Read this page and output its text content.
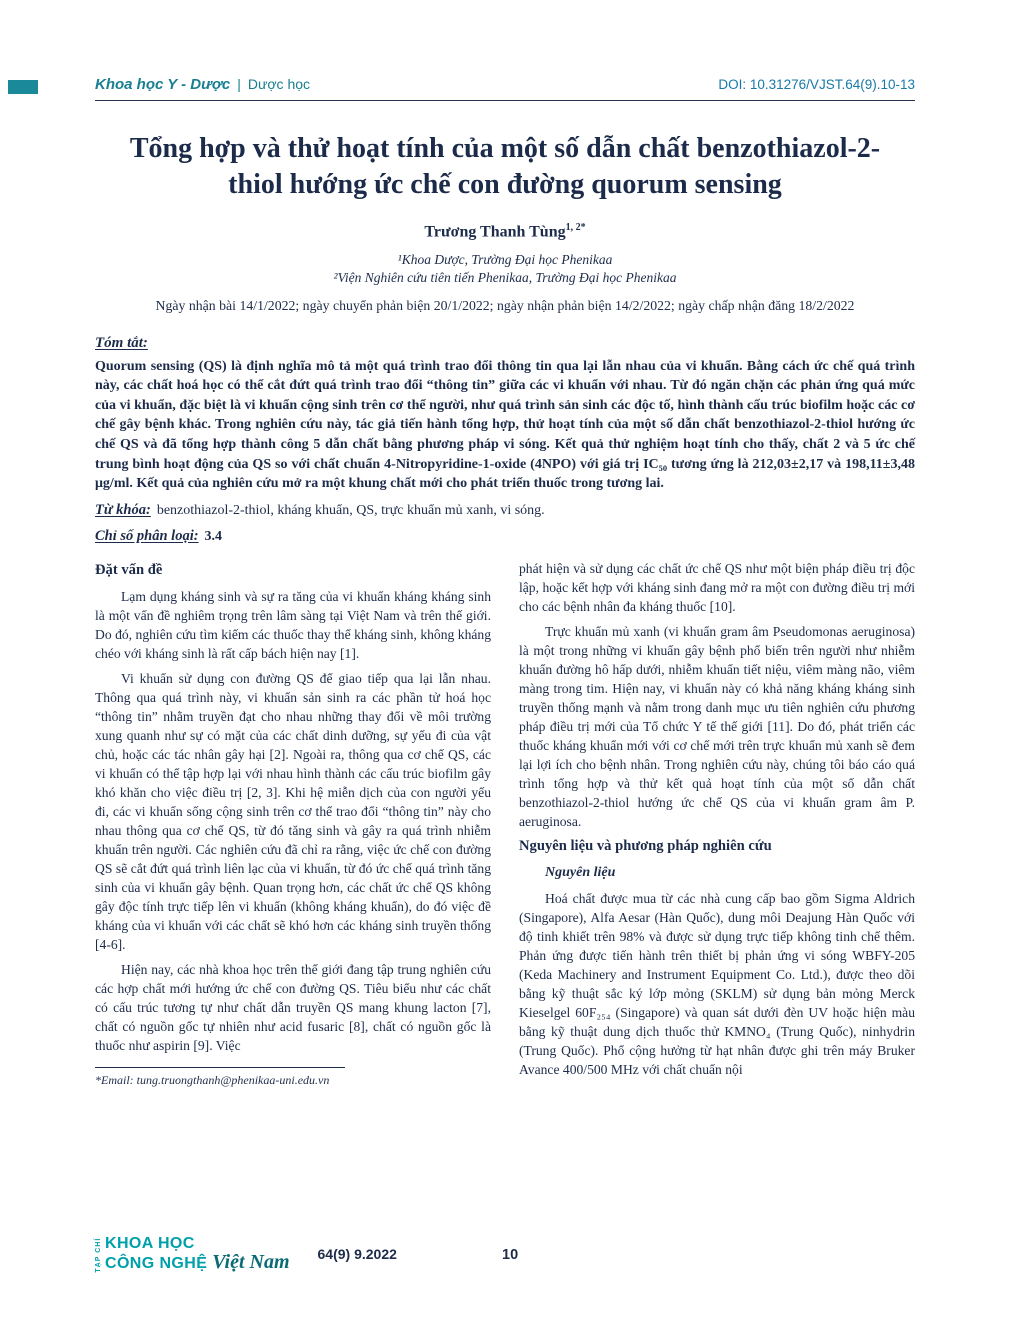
Khoa học Y - Dược | Dược học	DOI: 10.31276/VJST.64(9).10-13
Tổng hợp và thử hoạt tính của một số dẫn chất benzothiazol-2-thiol hướng ức chế con đường quorum sensing
Trương Thanh Tùng$^{1, 2*}$
¹Khoa Dược, Trường Đại học Phenikaa
²Viện Nghiên cứu tiên tiến Phenikaa, Trường Đại học Phenikaa
Ngày nhận bài 14/1/2022; ngày chuyển phản biện 20/1/2022; ngày nhận phản biện 14/2/2022; ngày chấp nhận đăng 18/2/2022
Tóm tắt:

Quorum sensing (QS) là định nghĩa mô tả một quá trình trao đổi thông tin qua lại lẫn nhau của vi khuẩn. Bằng cách ức chế quá trình này, các chất hoá học có thể cắt đứt quá trình trao đổi “thông tin” giữa các vi khuẩn với nhau. Từ đó ngăn chặn các phản ứng quá mức của vi khuẩn, đặc biệt là vi khuẩn cộng sinh trên cơ thể người, như quá trình sản sinh các độc tố, hình thành cấu trúc biofilm hoặc các cơ chế gây bệnh khác. Trong nghiên cứu này, tác giả tiến hành tổng hợp, thử hoạt tính của một số dẫn chất benzothiazol-2-thiol hướng ức chế QS và đã tổng hợp thành công 5 dẫn chất bằng phương pháp vi sóng. Kết quả thử nghiệm hoạt tính cho thấy, chất 2 và 5 ức chế trung bình hoạt động của QS so với chất chuẩn 4-Nitropyridine-1-oxide (4NPO) với giá trị IC₅₀ tương ứng là 212,03±2,17 và 198,11±3,48 μg/ml. Kết quả của nghiên cứu mở ra một khung chất mới cho phát triển thuốc trong tương lai.

Từ khóa: benzothiazol-2-thiol, kháng khuẩn, QS, trực khuẩn mủ xanh, vi sóng.

Chỉ số phân loại: 3.4

Đặt vấn đề

Lạm dụng kháng sinh và sự ra tăng của vi khuẩn kháng kháng sinh là một vấn đề nghiêm trọng trên lâm sàng tại Việt Nam và trên thế giới. Do đó, nghiên cứu tìm kiếm các thuốc thay thế kháng sinh, không kháng chéo với kháng sinh là rất cấp bách hiện nay [1].

Vi khuẩn sử dụng con đường QS để giao tiếp qua lại lẫn nhau. Thông qua quá trình này, vi khuẩn sản sinh ra các phần tử hoá học “thông tin” nhằm truyền đạt cho nhau những thay đổi về môi trường xung quanh như sự có mặt của các chất dinh dưỡng, sự yếu đi của vật chủ, hoặc các tác nhân gây hại [2]. Ngoài ra, thông qua cơ chế QS, các vi khuẩn có thể tập hợp lại với nhau hình thành các cấu trúc biofilm gây khó khăn cho việc điều trị [2, 3]. Khi hệ miễn dịch của con người yếu đi, các vi khuẩn sống cộng sinh trên cơ thể trao đổi “thông tin” này cho nhau thông qua cơ chế QS, từ đó tăng sinh và gây ra quá trình nhiễm khuẩn trên người. Các nghiên cứu đã chỉ ra rằng, việc ức chế con đường QS sẽ cắt đứt quá trình liên lạc của vi khuẩn, từ đó ức chế quá trình tăng sinh của vi khuẩn gây bệnh. Quan trọng hơn, các chất ức chế QS không gây độc tính trực tiếp lên vi khuẩn (không kháng khuẩn), do đó việc đề kháng của vi khuẩn với các chất sẽ khó hơn các kháng sinh truyền thống [4-6].

Hiện nay, các nhà khoa học trên thế giới đang tập trung nghiên cứu các hợp chất mới hướng ức chế con đường QS. Tiêu biểu như các chất có cấu trúc tương tự như chất dẫn truyền QS mang khung lacton [7], chất có nguồn gốc tự nhiên như acid fusaric [8], chất có nguồn gốc là thuốc như aspirin [9]. Việc

*Email: tung.truongthanh@phenikaa-uni.edu.vn

phát hiện và sử dụng các chất ức chế QS như một biện pháp điều trị độc lập, hoặc kết hợp với kháng sinh đang mở ra một con đường điều trị mới cho các bệnh nhân đa kháng thuốc [10].

Trực khuẩn mủ xanh (vi khuẩn gram âm Pseudomonas aeruginosa) là một trong những vi khuẩn gây bệnh phổ biến trên người như nhiễm khuẩn đường hô hấp dưới, nhiễm khuẩn tiết niệu, viêm màng não, viêm màng trong tim. Hiện nay, vi khuẩn này có khả năng kháng kháng sinh truyền thống mạnh và nằm trong danh mục ưu tiên nghiên cứu phương pháp điều trị mới của Tổ chức Y tế thế giới [11]. Do đó, phát triển các thuốc kháng khuẩn mới với cơ chế mới trên trực khuẩn mủ xanh sẽ đem lại lợi ích cho bệnh nhân. Trong nghiên cứu này, chúng tôi báo cáo quá trình tổng hợp và thử kết quả hoạt tính của một số dẫn chất benzothiazol-2-thiol hướng ức chế QS của vi khuẩn gram âm P. aeruginosa.

Nguyên liệu và phương pháp nghiên cứu
Nguyên liệu

Hoá chất được mua từ các nhà cung cấp bao gồm Sigma Aldrich (Singapore), Alfa Aesar (Hàn Quốc), dung môi Deajung Hàn Quốc với độ tinh khiết trên 98% và được sử dụng trực tiếp không tinh chế thêm. Phản ứng được tiến hành trên thiết bị phản ứng vi sóng WBFY-205 (Keda Machinery and Instrument Equipment Co. Ltd.), được theo dõi bằng kỹ thuật sắc ký lớp mỏng (SKLM) sử dụng bản mỏng Merck Kieselgel 60F₂₅₄ (Singapore) và quan sát dưới đèn UV hoặc hiện màu bằng kỹ thuật dung dịch thuốc thử KMNO₄ (Trung Quốc), ninhydrin (Trung Quốc). Phổ cộng hưởng từ hạt nhân được ghi trên máy Bruker Avance 400/500 MHz với chất chuẩn nội

TẠP CHÍ KHOA HỌC
CÔNG NGHỆ Việt Nam 64(9) 9.2022	10
